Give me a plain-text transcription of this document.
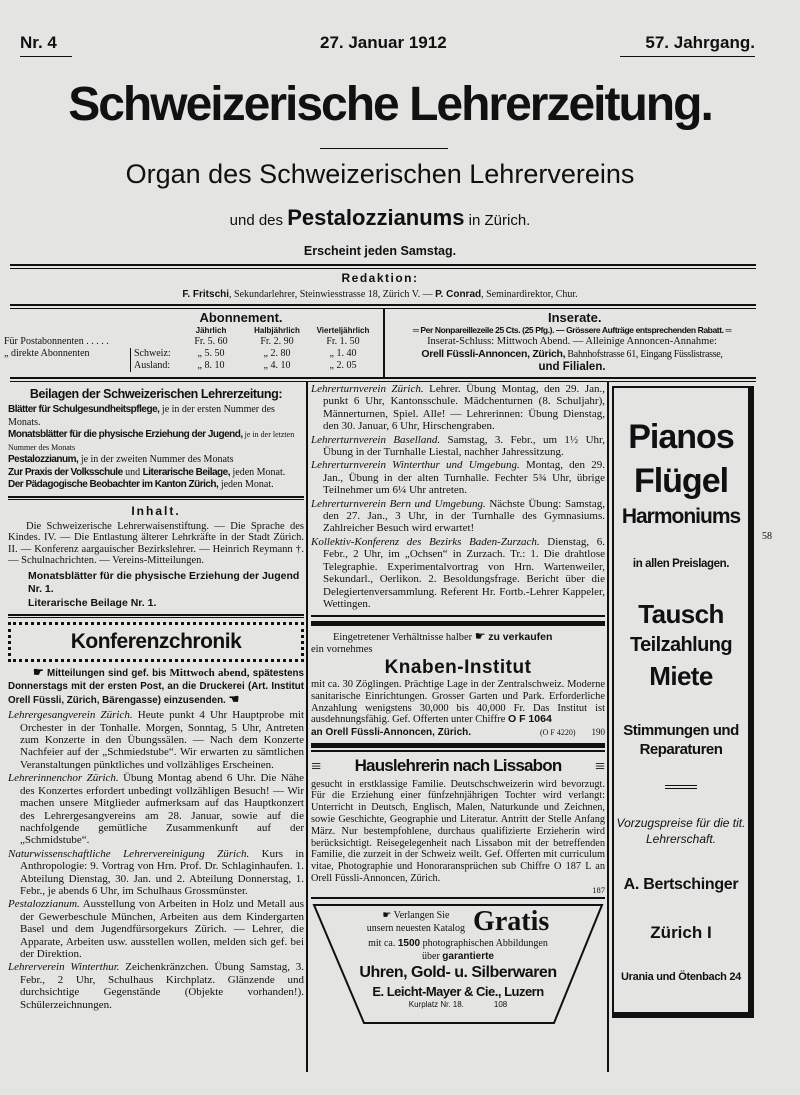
Nr. 4	27. Januar 1912	57. Jahrgang.
Schweizerische Lehrerzeitung.
Organ des Schweizerischen Lehrervereins
und des Pestalozzianums in Zürich.
Erscheint jeden Samstag.
Redaktion:
F. Fritschi, Sekundarlehrer, Steinwiesstrasse 18, Zürich V. — P. Conrad, Seminardirektor, Chur.
Abonnement.
Jährlich	Halbjährlich	Vierteljährlich
Für Postabonnenten . . . . .	Fr. 5. 60	Fr. 2. 90	Fr. 1. 50
„ direkte Abonnenten	Schweiz:	„ 5. 50	„ 2. 80	„ 1. 40
Ausland:	„ 8. 10	„ 4. 10	„ 2. 05
Inserate.
═ Per Nonpareillezeile 25 Cts. (25 Pfg.). — Grössere Aufträge entsprechenden Rabatt. ═
Inserat-Schluss: Mittwoch Abend. — Alleinige Annoncen-Annahme:
Orell Füssli-Annoncen, Zürich, Bahnhofstrasse 61, Eingang Füsslistrasse,
und Filialen.
Beilagen der Schweizerischen Lehrerzeitung:
Blätter für Schulgesundheitspflege, je in der ersten Nummer des Monats.
Monatsblätter für die physische Erziehung der Jugend, je in der letzten Nummer des Monats
Pestalozzianum, je in der zweiten Nummer des Monats
Zur Praxis der Volksschule und Literarische Beilage, jeden Monat.
Der Pädagogische Beobachter im Kanton Zürich, jeden Monat.
Inhalt.
Die Schweizerische Lehrerwaisenstiftung. — Die Sprache des Kindes. IV. — Die Entlastung älterer Lehrkräfte in der Stadt Zürich. II. — Konferenz aargauischer Bezirkslehrer. — Heinrich Reymann †. — Schulnachrichten. — Vereins-Mitteilungen.
Monatsblätter für die physische Erziehung der Jugend Nr. 1.
Literarische Beilage Nr. 1.
Konferenzchronik
☛ Mitteilungen sind gef. bis Mittwoch abend, spätestens Donnerstags mit der ersten Post, an die Druckerei (Art. Institut Orell Füssli, Zürich, Bärengasse) einzusenden. ☚
Lehrergesangverein Zürich. Heute punkt 4 Uhr Hauptprobe mit Orchester in der Tonhalle. Morgen, Sonntag, 5 Uhr, Antreten zum Konzerte in den Übungssälen. — Nach dem Konzerte Nachfeier auf der „Schmiedstube“. Wir erwarten zu sämtlichen Veranstaltungen pünktliches und vollzähliges Erscheinen.
Lehrerinnenchor Zürich. Übung Montag abend 6 Uhr. Die Nähe des Konzertes erfordert unbedingt vollzähligen Besuch! — Wir machen unsere Mitglieder aufmerksam auf das Hauptkonzert des Lehrergesangvereins am 28. Januar, sowie auf die nachfolgende gemütliche Zusammenkunft auf der „Schmidstube“.
Naturwissenschaftliche Lehrervereinigung Zürich. Kurs in Anthropologie: 9. Vortrag von Hrn. Prof. Dr. Schlaginhaufen. 1. Abteilung Dienstag, 30. Jan. und 2. Abteilung Donnerstag, 1. Febr., je abends 6 Uhr, im Schulhaus Grossmünster.
Pestalozzianum. Ausstellung von Arbeiten in Holz und Metall aus der Gewerbeschule München, Arbeiten aus dem Kindergarten Basel und dem Jugendfürsorgekurs Zürich. — Lehrer, die Apparate, Arbeiten usw. ausstellen wollen, melden sich gef. bei der Direktion.
Lehrerverein Winterthur. Zeichenkränzchen. Übung Samstag, 3. Febr., 2 Uhr, Schulhaus Kirchplatz. Glänzende und durchsichtige Gegenstände (Objekte vorhanden!). Schülerzeichnungen.
Lehrerturnverein Zürich. Lehrer. Übung Montag, den 29. Jan., punkt 6 Uhr, Kantonsschule. Mädchenturnen (8. Schuljahr), Männerturnen, Spiel. Alle! — Lehrerinnen: Übung Dienstag, den 30. Januar, 6 Uhr, Hirschengraben.
Lehrerturnverein Baselland. Samstag, 3. Febr., um 1½ Uhr, Übung in der Turnhalle Liestal, nachher Jahressitzung.
Lehrerturnverein Winterthur und Umgebung. Montag, den 29. Jan., Übung in der alten Turnhalle. Fechter 5¾ Uhr, übrige Teilnehmer um 6¼ Uhr antreten.
Lehrerturnverein Bern und Umgebung. Nächste Übung: Samstag, den 27. Jan., 3 Uhr, in der Turnhalle des Gymnasiums. Zahlreicher Besuch wird erwartet!
Kollektiv-Konferenz des Bezirks Baden-Zurzach. Dienstag, 6. Febr., 2 Uhr, im „Ochsen“ in Zurzach. Tr.: 1. Die drahtlose Telegraphie. Experimentalvortrag von Hrn. Wartenweiler, Sekundarl., Oerlikon. 2. Besoldungsfrage. Bericht über die Delegiertenversammlung. Referent Hr. Fortb.-Lehrer Kappeler, Wettingen.
Eingetretener Verhältnisse halber ☛ zu verkaufen
ein vornehmes
Knaben-Institut
mit ca. 30 Zöglingen. Prächtige Lage in der Zentralschweiz. Moderne sanitarische Einrichtungen. Grosser Garten und Park. Erforderliche Anzahlung wenigstens 30,000 bis 40,000 Fr. Das Institut ist ausdehnungsfähig. Gef. Offerten unter Chiffre O F 1064
an Orell Füssli-Annoncen, Zürich.	(O F 4220)	190
≡ Hauslehrerin nach Lissabon ≡
gesucht in erstklassige Familie. Deutschschweizerin wird bevorzugt. Für die Erziehung einer fünfzehnjährigen Tochter wird verlangt: Unterricht in Deutsch, Englisch, Malen, Naturkunde und Zeichnen, sowie Geschichte, Geographie und Literatur. Antritt der Stelle Anfang März. Nur bestempfohlene, durchaus qualifizierte Erzieherin wird berücksichtigt. Reisegelegenheit nach Lissabon mit der betreffenden Familie, die zurzeit in der Schweiz weilt. Gef. Offerten mit curriculum vitae, Photographie und Honoraransprüchen sub Chiffre O 187 L an Orell Füssli-Annoncen, Zürich.
187
☛ Verlangen Sie
unsern neuesten Katalog Gratis
mit ca. 1500 photographischen Abbildungen
über garantierte
Uhren, Gold- u. Silberwaren
E. Leicht-Mayer & Cie., Luzern
Kurplatz Nr. 18.	108
Pianos
Flügel
Harmoniums
in allen Preislagen.
Tausch
Teilzahlung
Miete
Stimmungen und Reparaturen
Vorzugspreise für die tit. Lehrerschaft.
A. Bertschinger
Zürich I
Urania und Ötenbach 24
58
